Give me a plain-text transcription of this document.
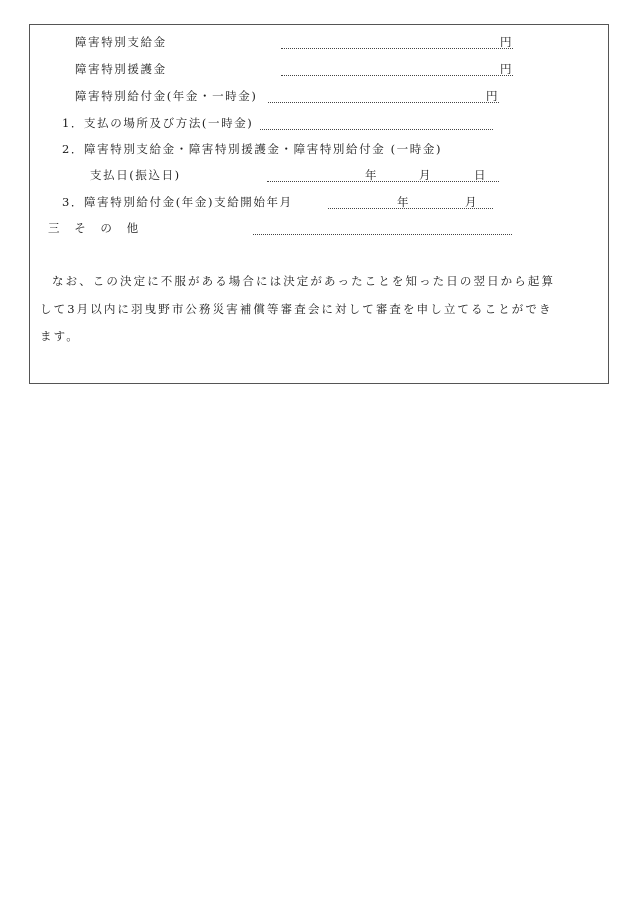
障害特別支給金	円
障害特別援護金	円
障害特別給付金(年金・一時金)	円
1．支払の場所及び方法(一時金)
2．障害特別支給金・障害特別援護金・障害特別給付金 (一時金)
支払日(振込日)	年	月	日
3．障害特別給付金(年金)支給開始年月	年	月
三　そ　の　他
なお、この決定に不服がある場合には決定があったことを知った日の翌日から起算
して3月以内に羽曳野市公務災害補償等審査会に対して審査を申し立てることができ
ます。
